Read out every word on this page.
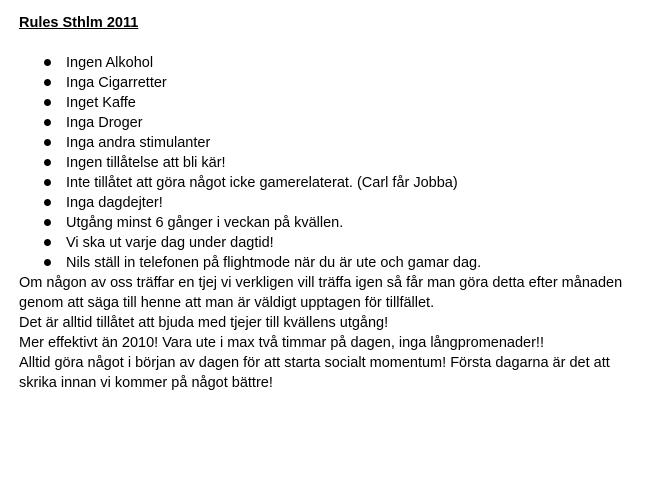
Rules Sthlm 2011
Ingen Alkohol
Inga Cigarretter
Inget Kaffe
Inga Droger
Inga andra stimulanter
Ingen tillåtelse att bli kär!
Inte tillåtet att göra något icke gamerelaterat. (Carl får Jobba)
Inga dagdejter!
Utgång minst 6 gånger i veckan på kvällen.
Vi ska ut varje dag under dagtid!
Nils ställ in telefonen på flightmode när du är ute och gamar dag.

Om någon av oss träffar en tjej vi verkligen vill träffa igen så får man göra detta efter månaden genom att säga till henne att man är väldigt upptagen för tillfället.

Det är alltid tillåtet att bjuda med tjejer till kvällens utgång!

Mer effektivt än 2010! Vara ute i max två timmar på dagen, inga långpromenader!!

Alltid göra något i början av dagen för att starta socialt momentum! Första dagarna är det att skrika innan vi kommer på något bättre!
